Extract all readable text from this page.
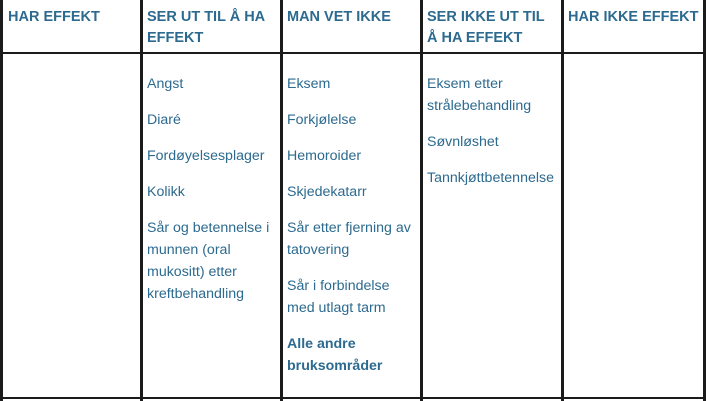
HAR EFFEKT	SER UT TIL Å HA EFFEKT
MAN VET IKKE	SER IKKE UT TIL Å HA EFFEKT
HAR IKKE EFFEKT
Angst
Diaré
Fordøyelsesplager
Kolikk
Sår og betennelse i munnen (oral mukositt) etter kreftbehandling
Eksem
Forkjølelse
Hemoroider
Skjedekatarr
Sår etter fjerning av tatovering
Sår i forbindelse med utlagt tarm
Alle andre bruksområder
Eksem etter strålebehandling
Søvnløshet
Tannkjøttbetennelse
